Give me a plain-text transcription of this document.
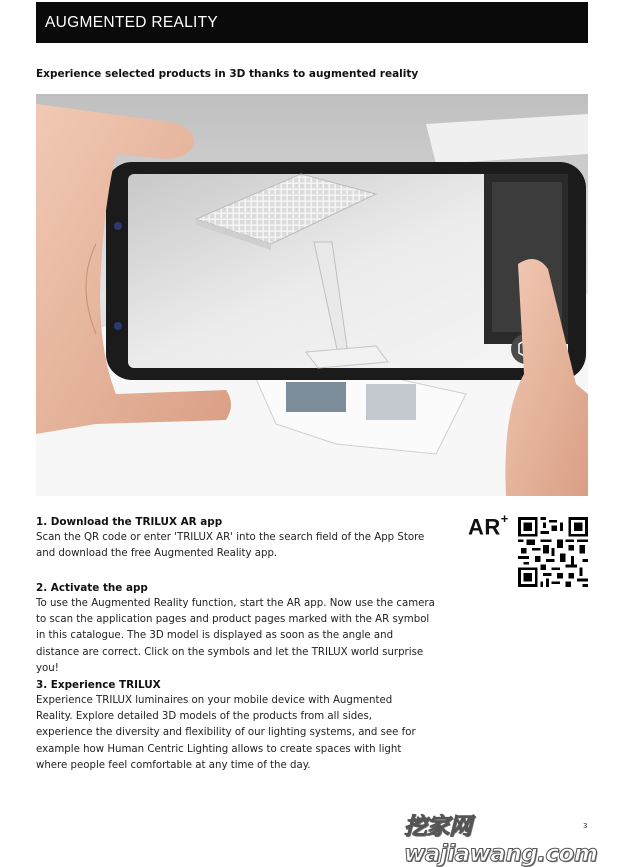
AUGMENTED REALITY
Experience selected products in 3D thanks to augmented reality
1. Download the TRILUX AR app

Scan the QR code or enter 'TRILUX AR' into the search field of the App Store and download the free Augmented Reality app.

2. Activate the app

To use the Augmented Reality function, start the AR app. Now use the camera to scan the application pages and product pages marked with the AR symbol in this catalogue. The 3D model is displayed as soon as the angle and distance are correct. Click on the symbols and let the TRILUX world surprise you!

3. Experience TRILUX

Experience TRILUX luminaires on your mobile device with Augmented Reality. Explore detailed 3D models of the products from all sides, experience the diversity and flexibility of our lighting systems, and see for example how Human Centric Lighting allows to create spaces with light where people feel comfortable at any time of the day.

AR+
挖家网 wajiawang.com
3
